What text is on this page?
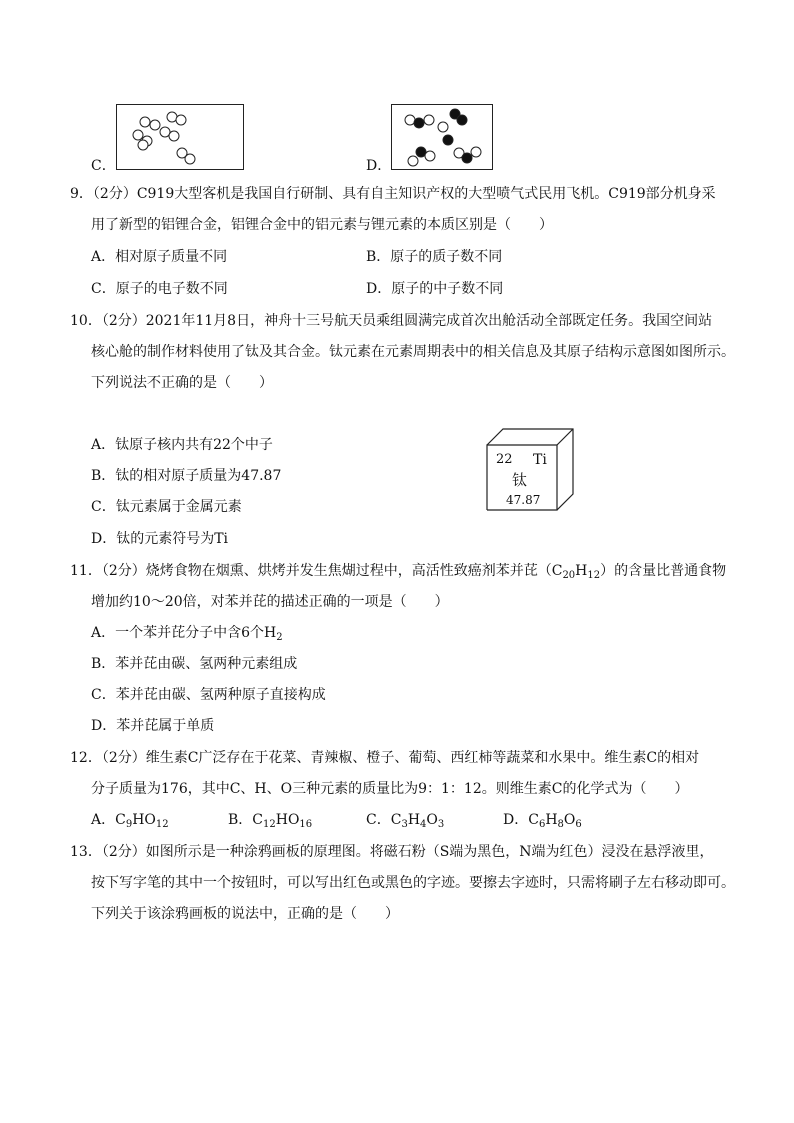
C．	D．
9．（2分）C919大型客机是我国自行研制、具有自主知识产权的大型喷气式民用飞机。C919部分机身采
用了新型的铝锂合金，铝锂合金中的铝元素与锂元素的本质区别是（　　）
A．相对原子质量不同	B．原子的质子数不同
C．原子的电子数不同	D．原子的中子数不同
10．（2分）2021年11月8日，神舟十三号航天员乘组圆满完成首次出舱活动全部既定任务。我国空间站
核心舱的制作材料使用了钛及其合金。钛元素在元素周期表中的相关信息及其原子结构示意图如图所示。
下列说法不正确的是（　　）
A．钛原子核内共有22个中子
B．钛的相对原子质量为47.87
C．钛元素属于金属元素
D．钛的元素符号为Ti
22 Ti
钛
47.87
11．（2分）烧烤食物在烟熏、烘烤并发生焦煳过程中，高活性致癌剂苯并芘$(C_{20}H_{12})$的含量比普通食物
增加约10～20倍，对苯并芘的描述正确的一项是（　　）
A．一个苯并芘分子中含6个$H_2$
B．苯并芘由碳、氢两种元素组成
C．苯并芘由碳、氢两种原子直接构成
D．苯并芘属于单质
12．（2分）维生素C广泛存在于花菜、青辣椒、橙子、葡萄、西红柿等蔬菜和水果中。维生素C的相对
分子质量为176，其中C、H、O三种元素的质量比为9：1：12。则维生素C的化学式为（　　）
A．$C_9HO_{12}$	B．$C_{12}HO_{16}$	C．$C_3H_4O_3$	D．$C_6H_8O_6$
13．（2分）如图所示是一种涂鸦画板的原理图。将磁石粉（S端为黑色，N端为红色）浸没在悬浮液里，
按下写字笔的其中一个按钮时，可以写出红色或黑色的字迹。要擦去字迹时，只需将刷子左右移动即可。
下列关于该涂鸦画板的说法中，正确的是（　　）
